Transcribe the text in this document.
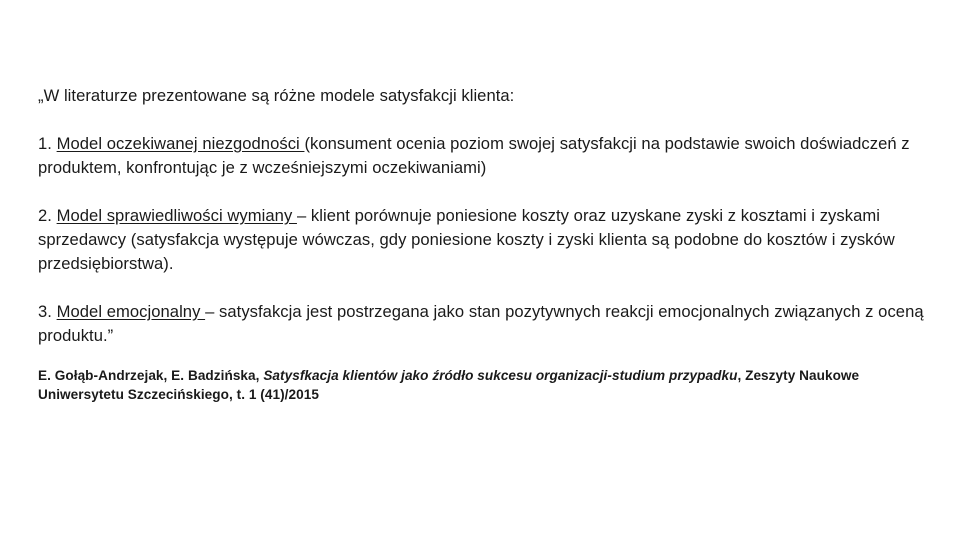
„W literaturze prezentowane są różne modele satysfakcji klienta:

1. Model oczekiwanej niezgodności (konsument ocenia poziom swojej satysfakcji na podstawie swoich doświadczeń z produktem, konfrontując je z wcześniejszymi oczekiwaniami)

2. Model sprawiedliwości wymiany – klient porównuje poniesione koszty oraz uzyskane zyski z kosztami i zyskami sprzedawcy (satysfakcja występuje wówczas, gdy poniesione koszty i zyski klienta są podobne do kosztów i zysków przedsiębiorstwa).

3. Model emocjonalny – satysfakcja jest postrzegana jako stan pozytywnych reakcji emocjonalnych związanych z oceną produktu.”

E. Gołąb-Andrzejak, E. Badzińska, Satysfkacja klientów jako źródło sukcesu organizacji-studium przypadku, Zeszyty Naukowe Uniwersytetu Szczecińskiego, t. 1 (41)/2015
